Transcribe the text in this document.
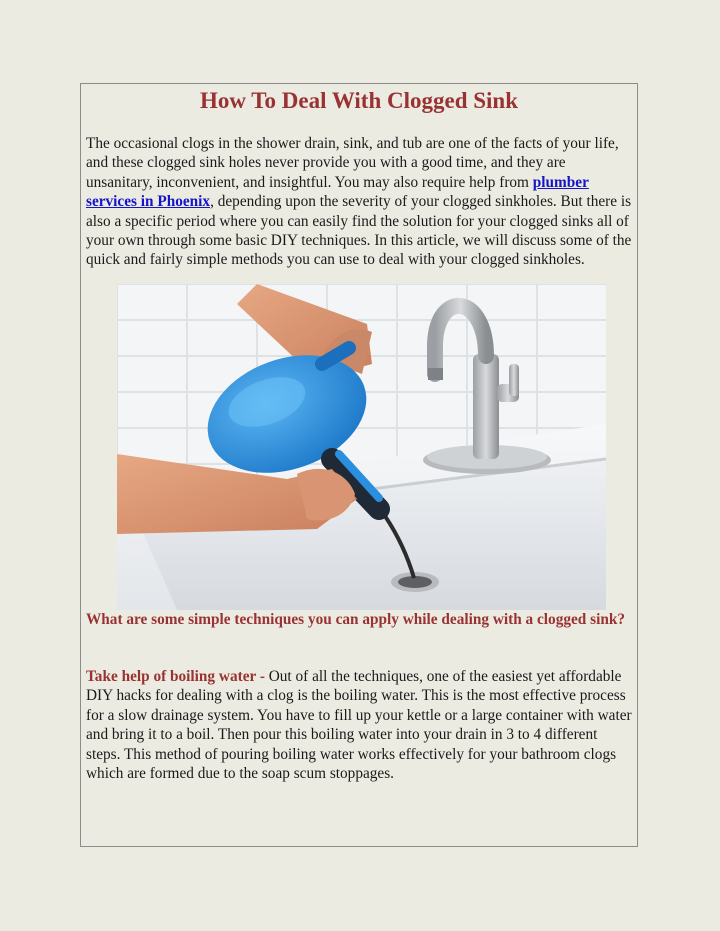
How To Deal With Clogged Sink

The occasional clogs in the shower drain, sink, and tub are one of the facts of your life, and these clogged sink holes never provide you with a good time, and they are unsanitary, inconvenient, and insightful. You may also require help from plumber services in Phoenix, depending upon the severity of your clogged sinkholes. But there is also a specific period where you can easily find the solution for your clogged sinks all of your own through some basic DIY techniques. In this article, we will discuss some of the quick and fairly simple methods you can use to deal with your clogged sinkholes.

What are some simple techniques you can apply while dealing with a clogged sink?

Take help of boiling water - Out of all the techniques, one of the easiest yet affordable DIY hacks for dealing with a clog is the boiling water. This is the most effective process for a slow drainage system. You have to fill up your kettle or a large container with water and bring it to a boil. Then pour this boiling water into your drain in 3 to 4 different steps. This method of pouring boiling water works effectively for your bathroom clogs which are formed due to the soap scum stoppages.
